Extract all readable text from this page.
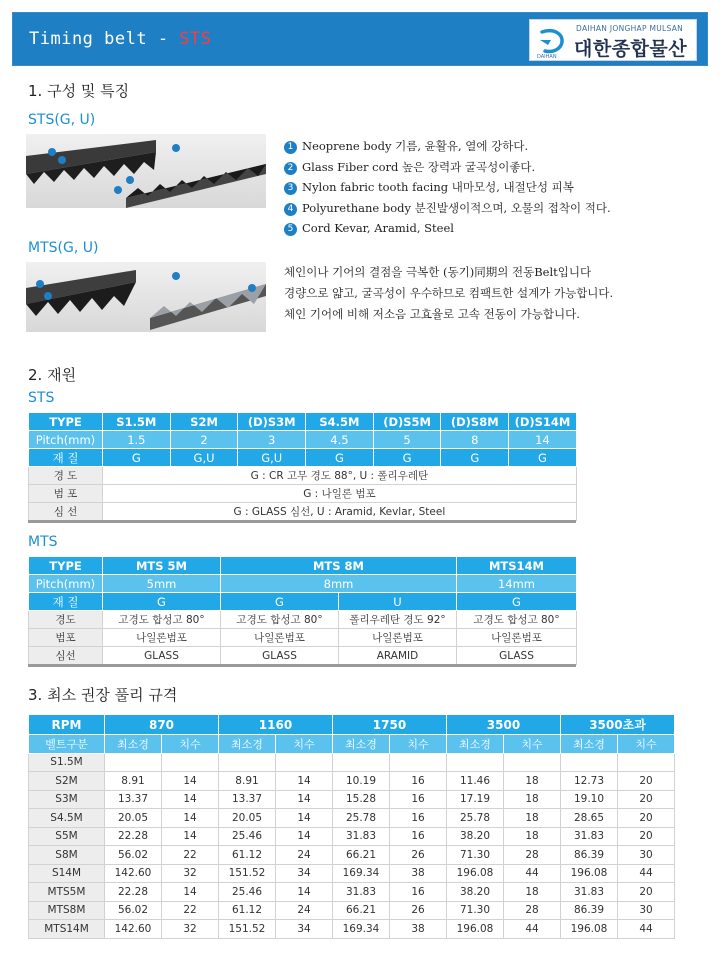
Timing belt - STS
DAIHAN JONGHAP MULSAN
대한종합물산
DAIHAN
1. 구성 및 특징
STS(G, U)
MTS(G, U)
1 Neoprene body 기름, 윤활유, 열에 강하다.
2 Glass Fiber cord 높은 장력과 굴곡성이좋다.
3 Nylon fabric tooth facing 내마모성, 내절단성 피복
4 Polyurethane body 분진발생이적으며, 오물의 접착이 적다.
5 Cord Kevar, Aramid, Steel
체인이나 기어의 결점을 극복한 (동기)同期의 전동Belt입니다
경량으로 얇고, 굴곡성이 우수하므로 컴팩트한 설계가 가능합니다.
체인 기어에 비해 저소음 고효율로 고속 전동이 가능합니다.
2. 재원
STS
TYPE	S1.5M	S2M	(D)S3M	S4.5M	(D)S5M	(D)S8M	(D)S14M
Pitch(mm)	1.5	2	3	4.5	5	8	14
재 질	G	G,U	G,U	G	G	G	G
경 도	G : CR 고무 경도 88°, U : 폴리우레탄						
범 포	G : 나일론 범포						
심 선	G : GLASS 심선, U : Aramid, Kevlar, Steel						
MTS
TYPE	MTS 5M	MTS 8M		MTS14M
Pitch(mm)	5mm	8mm		14mm
재 질	G	G	U	G
경도	고경도 합성고 80°	고경도 합성고 80°	폴리우레탄 경도 92°	고경도 합성고 80°
범포	나일론범포	나일론범포	나일론범포	나일론범포
심선	GLASS	GLASS	ARAMID	GLASS
3. 최소 권장 풀리 규격
RPM	870		1160		1750		3500		3500초과	
벨트구분	최소경	치수	최소경	치수	최소경	치수	최소경	치수	최소경	치수
S1.5M										
S2M	8.91	14	8.91	14	10.19	16	11.46	18	12.73	20
S3M	13.37	14	13.37	14	15.28	16	17.19	18	19.10	20
S4.5M	20.05	14	20.05	14	25.78	16	25.78	18	28.65	20
S5M	22.28	14	25.46	14	31.83	16	38.20	18	31.83	20
S8M	56.02	22	61.12	24	66.21	26	71.30	28	86.39	30
S14M	142.60	32	151.52	34	169.34	38	196.08	44	196.08	44
MTS5M	22.28	14	25.46	14	31.83	16	38.20	18	31.83	20
MTS8M	56.02	22	61.12	24	66.21	26	71.30	28	86.39	30
MTS14M	142.60	32	151.52	34	169.34	38	196.08	44	196.08	44
